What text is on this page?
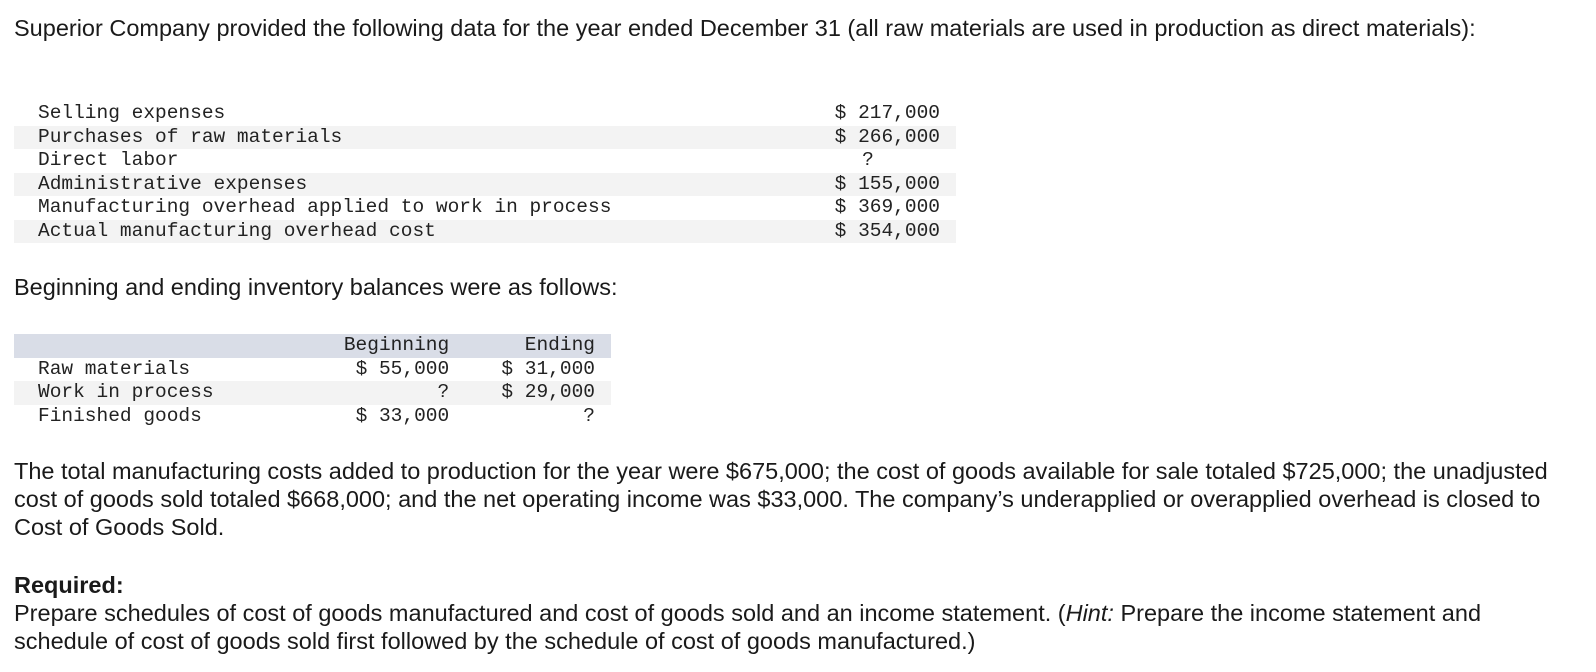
Superior Company provided the following data for the year ended December 31 (all raw materials are used in production as direct materials):

Selling expenses	$ 217,000
Purchases of raw materials	$ 266,000
Direct labor	?
Administrative expenses	$ 155,000
Manufacturing overhead applied to work in process	$ 369,000
Actual manufacturing overhead cost	$ 354,000

Beginning and ending inventory balances were as follows:

	Beginning	Ending
Raw materials	$ 55,000	$ 31,000
Work in process	?	$ 29,000
Finished goods	$ 33,000	?

The total manufacturing costs added to production for the year were $675,000; the cost of goods available for sale totaled $725,000; the unadjusted cost of goods sold totaled $668,000; and the net operating income was $33,000. The company’s underapplied or overapplied overhead is closed to Cost of Goods Sold.

Required:

Prepare schedules of cost of goods manufactured and cost of goods sold and an income statement. (Hint: Prepare the income statement and schedule of cost of goods sold first followed by the schedule of cost of goods manufactured.)
